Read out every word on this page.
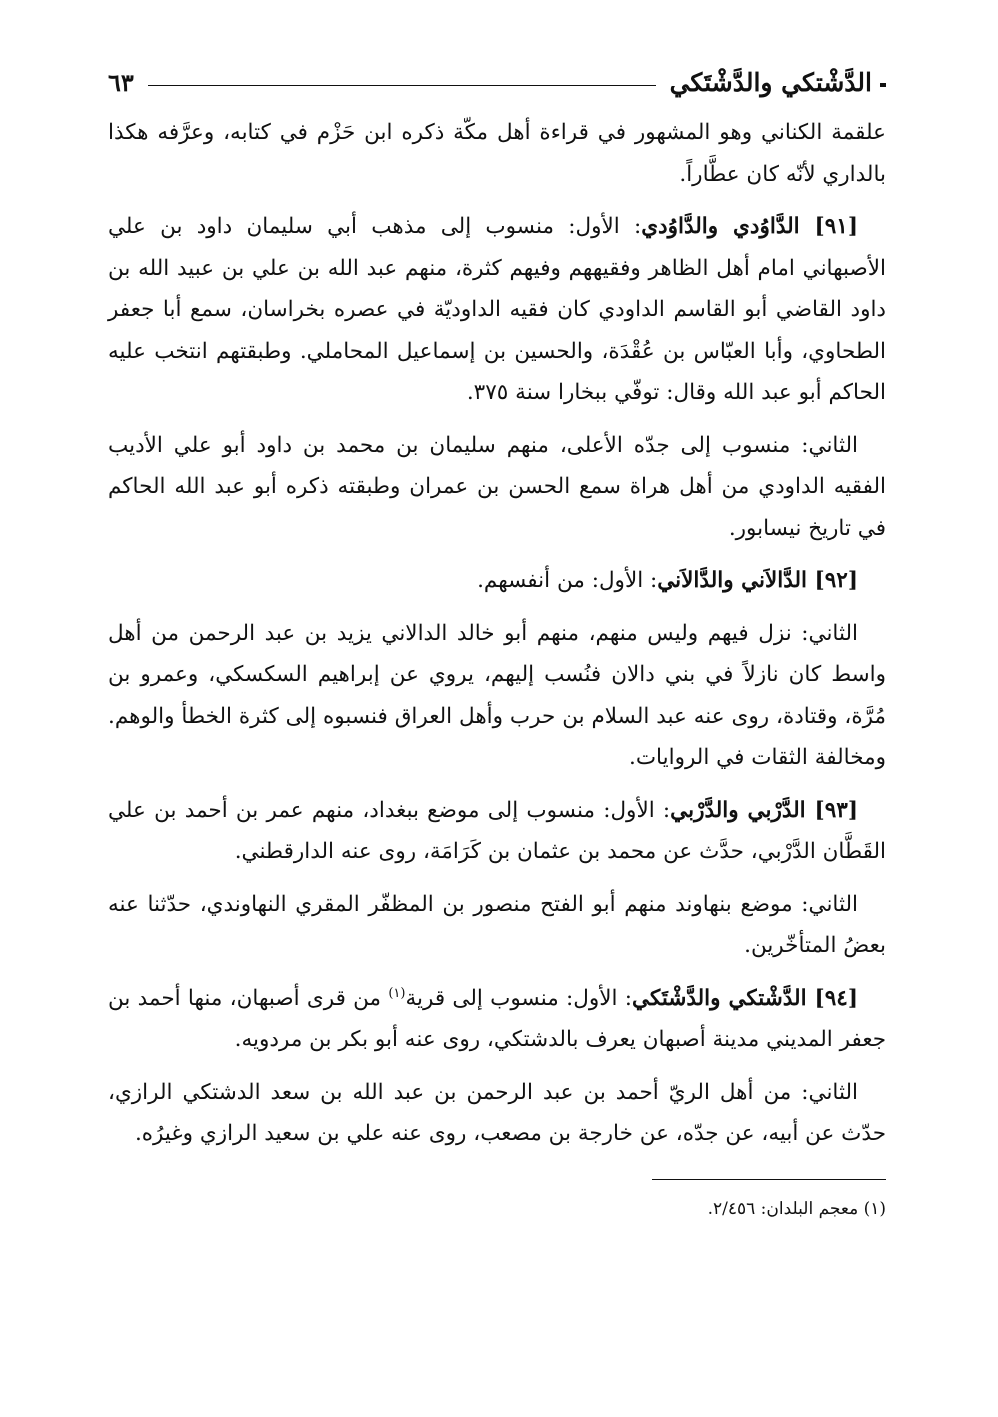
الدَّشْتكي والدَّشْتَكي
٦٣

علقمة الكناني وهو المشهور في قراءة أهل مكّة ذكره ابن حَزْم في كتابه، وعرَّفه هكذا بالداري لأنّه كان عطَّاراً.

[٩١] الدَّاوُدي والدَّاوُدي: الأول: منسوب إلى مذهب أبي سليمان داود بن علي الأصبهاني امام أهل الظاهر وفقيههم وفيهم كثرة، منهم عبد الله بن علي بن عبيد الله بن داود القاضي أبو القاسم الداودي كان فقيه الداوديّة في عصره بخراسان، سمع أبا جعفر الطحاوي، وأبا العبّاس بن عُقْدَة، والحسين بن إسماعيل المحاملي. وطبقتهم انتخب عليه الحاكم أبو عبد الله وقال: توفّي ببخارا سنة ٣٧٥.

الثاني: منسوب إلى جدّه الأعلى، منهم سليمان بن محمد بن داود أبو علي الأديب الفقيه الداودي من أهل هراة سمع الحسن بن عمران وطبقته ذكره أبو عبد الله الحاكم في تاريخ نيسابور.

[٩٢] الدَّالاَني والدَّالاَني: الأول: من أنفسهم.

الثاني: نزل فيهم وليس منهم، منهم أبو خالد الدالاني يزيد بن عبد الرحمن من أهل واسط كان نازلاً في بني دالان فنُسب إليهم، يروي عن إبراهيم السكسكي، وعمرو بن مُرَّة، وقتادة، روى عنه عبد السلام بن حرب وأهل العراق فنسبوه إلى كثرة الخطأ والوهم. ومخالفة الثقات في الروايات.

[٩٣] الدَّرْبي والدَّرْبي: الأول: منسوب إلى موضع ببغداد، منهم عمر بن أحمد بن علي القَطَّان الدَّرْبي، حدَّث عن محمد بن عثمان بن كَرَامَة، روى عنه الدارقطني.

الثاني: موضع بنهاوند منهم أبو الفتح منصور بن المظفّر المقري النهاوندي، حدّثنا عنه بعضُ المتأخّرين.

[٩٤] الدَّشْتكي والدَّشْتَكي: الأول: منسوب إلى قرية$^{(١)}$ من قرى أصبهان، منها أحمد بن جعفر المديني مدينة أصبهان يعرف بالدشتكي، روى عنه أبو بكر بن مردويه.

الثاني: من أهل الريّ أحمد بن عبد الرحمن بن عبد الله بن سعد الدشتكي الرازي، حدّث عن أبيه، عن جدّه، عن خارجة بن مصعب، روى عنه علي بن سعيد الرازي وغيرُه.

(١) معجم البلدان: ٢/٤٥٦.
